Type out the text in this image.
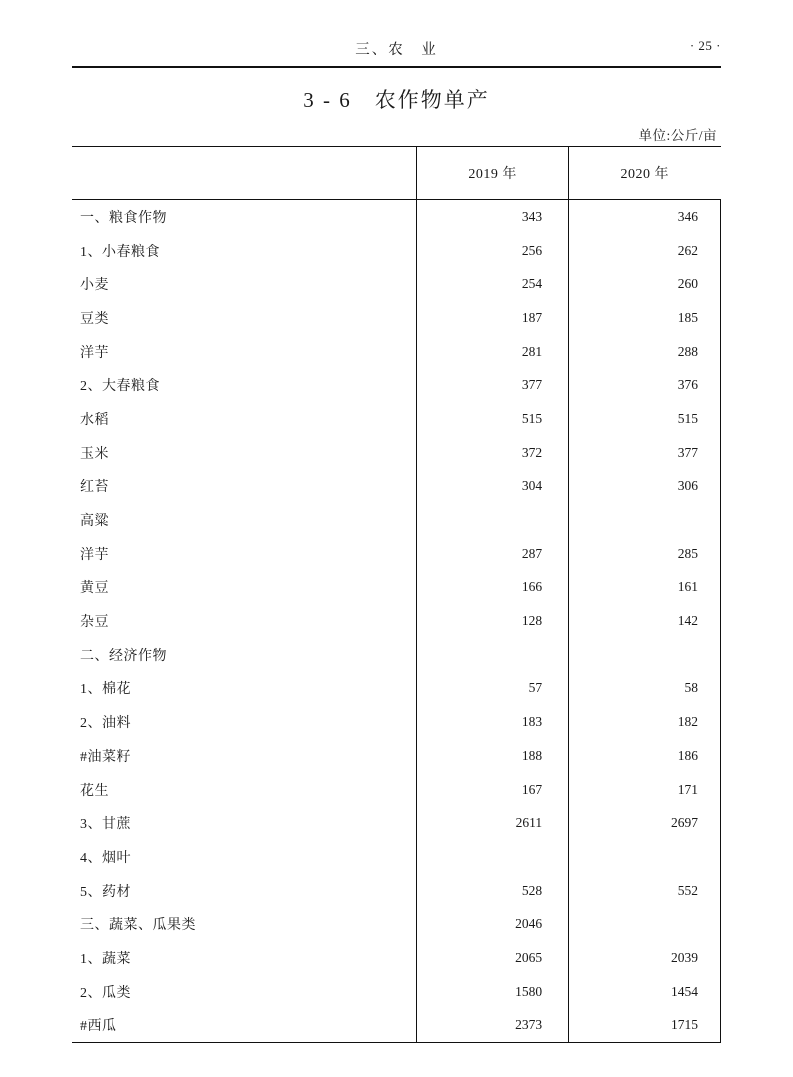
三、农　业	· 25 ·
3 - 6　农作物单产
单位:公斤/亩
	2019 年	2020 年
一、粮食作物	343	346
1、小春粮食	256	262
小麦	254	260
豆类	187	185
洋芋	281	288
2、大春粮食	377	376
水稻	515	515
玉米	372	377
红苔	304	306
高粱		
洋芋	287	285
黄豆	166	161
杂豆	128	142
二、经济作物		
1、棉花	57	58
2、油料	183	182
#油菜籽	188	186
花生	167	171
3、甘蔗	2611	2697
4、烟叶		
5、药材	528	552
三、蔬菜、瓜果类	2046	
1、蔬菜	2065	2039
2、瓜类	1580	1454
#西瓜	2373	1715
